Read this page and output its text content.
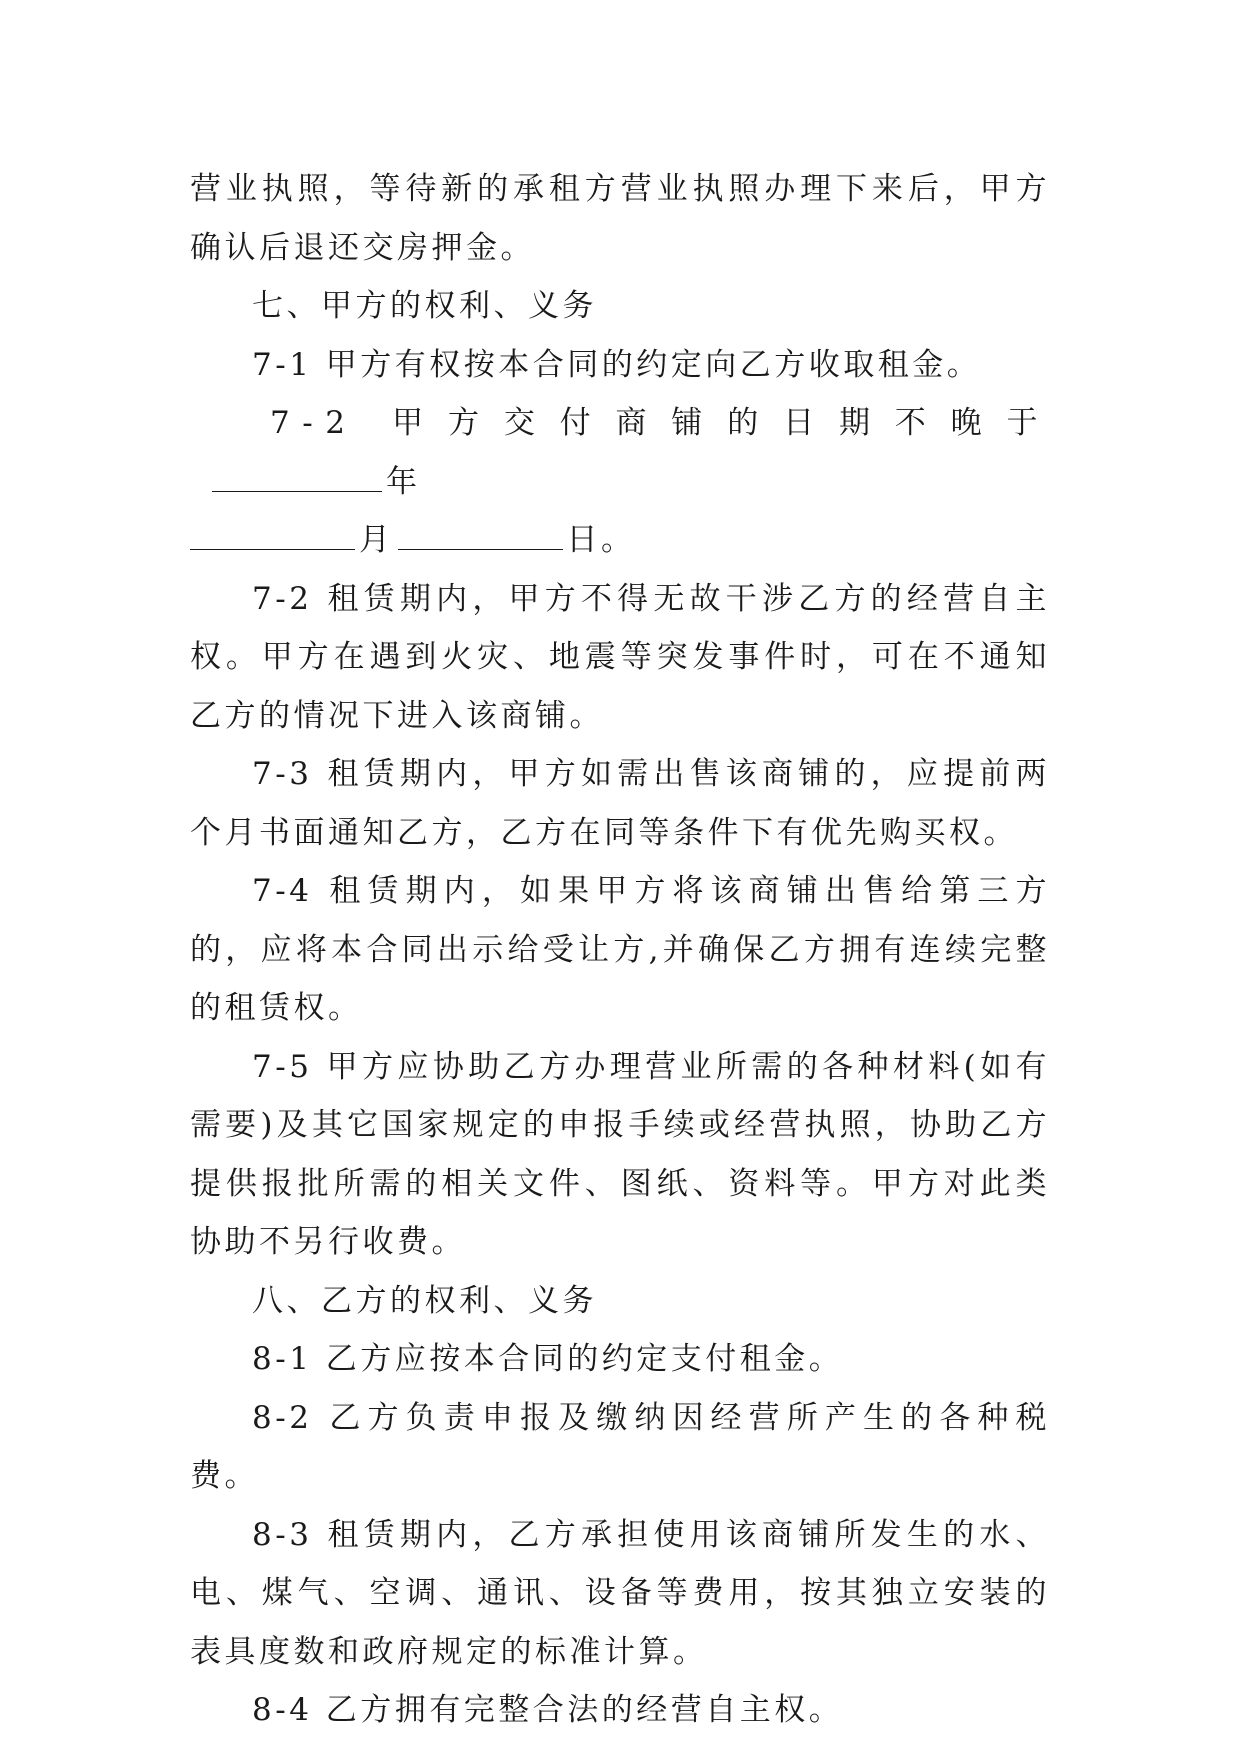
营业执照，等待新的承租方营业执照办理下来后，甲方确认后退还交房押金。

七、甲方的权利、义务

7-1 甲方有权按本合同的约定向乙方收取租金。

7-2 甲方交付商铺的日期不晚于年

月	日。

7-2 租赁期内，甲方不得无故干涉乙方的经营自主权。甲方在遇到火灾、地震等突发事件时，可在不通知乙方的情况下进入该商铺。

7-3 租赁期内，甲方如需出售该商铺的，应提前两个月书面通知乙方，乙方在同等条件下有优先购买权。

7-4 租赁期内，如果甲方将该商铺出售给第三方的，应将本合同出示给受让方,并确保乙方拥有连续完整的租赁权。

7-5 甲方应协助乙方办理营业所需的各种材料(如有需要)及其它国家规定的申报手续或经营执照，协助乙方提供报批所需的相关文件、图纸、资料等。甲方对此类协助不另行收费。

八、乙方的权利、义务

8-1 乙方应按本合同的约定支付租金。

8-2 乙方负责申报及缴纳因经营所产生的各种税费。

8-3 租赁期内，乙方承担使用该商铺所发生的水、电、煤气、空调、通讯、设备等费用，按其独立安装的表具度数和政府规定的标准计算。

8-4 乙方拥有完整合法的经营自主权。
